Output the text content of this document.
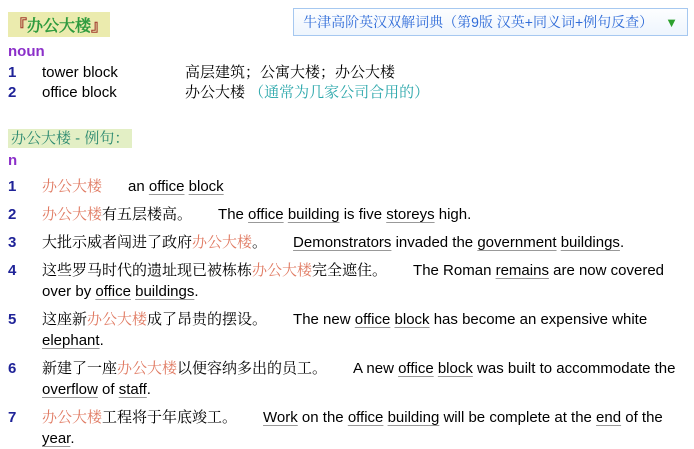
『办公大楼』	牛津高阶英汉双解词典（第9版 汉英+同义词+例句反查） ▼
noun
1	tower block	高层建筑；公寓大楼；办公大楼
2	office block	办公大楼 （通常为几家公司合用的）
办公大楼 - 例句：
n
1	办公大楼 an office block
2	办公大楼有五层楼高。 The office building is five storeys high.
3	大批示威者闯进了政府办公大楼。 Demonstrators invaded the government buildings.
4	这些罗马时代的遗址现已被栋栋办公大楼完全遮住。 The Roman remains are now covered over by office buildings.
5	这座新办公大楼成了昂贵的摆设。 The new office block has become an expensive white elephant.
6	新建了一座办公大楼以便容纳多出的员工。 A new office block was built to accommodate the overflow of staff.
7	办公大楼工程将于年底竣工。 Work on the office building will be complete at the end of the year.
